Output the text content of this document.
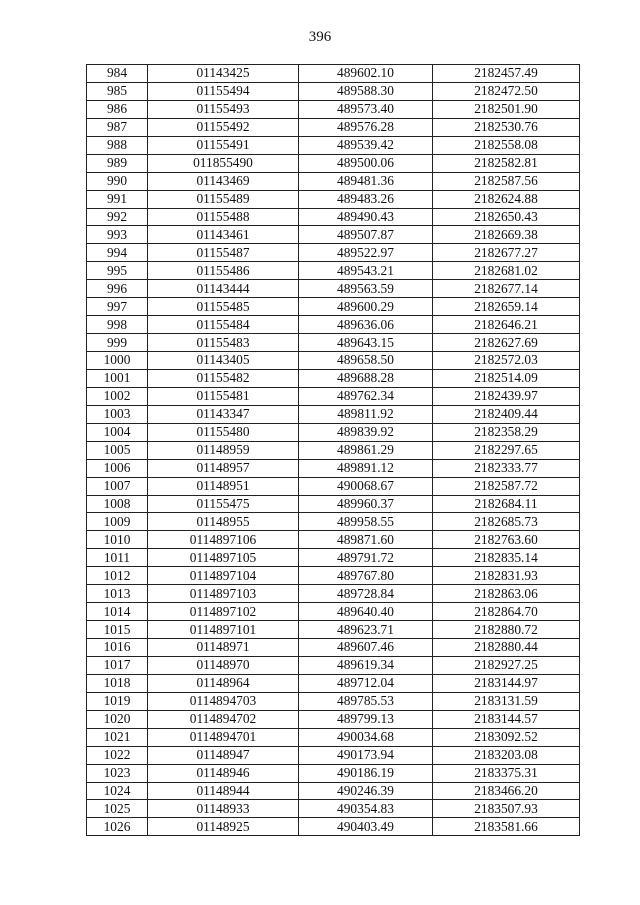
396
984	01143425	489602.10	2182457.49
985	01155494	489588.30	2182472.50
986	01155493	489573.40	2182501.90
987	01155492	489576.28	2182530.76
988	01155491	489539.42	2182558.08
989	011855490	489500.06	2182582.81
990	01143469	489481.36	2182587.56
991	01155489	489483.26	2182624.88
992	01155488	489490.43	2182650.43
993	01143461	489507.87	2182669.38
994	01155487	489522.97	2182677.27
995	01155486	489543.21	2182681.02
996	01143444	489563.59	2182677.14
997	01155485	489600.29	2182659.14
998	01155484	489636.06	2182646.21
999	01155483	489643.15	2182627.69
1000	01143405	489658.50	2182572.03
1001	01155482	489688.28	2182514.09
1002	01155481	489762.34	2182439.97
1003	01143347	489811.92	2182409.44
1004	01155480	489839.92	2182358.29
1005	01148959	489861.29	2182297.65
1006	01148957	489891.12	2182333.77
1007	01148951	490068.67	2182587.72
1008	01155475	489960.37	2182684.11
1009	01148955	489958.55	2182685.73
1010	0114897106	489871.60	2182763.60
1011	0114897105	489791.72	2182835.14
1012	0114897104	489767.80	2182831.93
1013	0114897103	489728.84	2182863.06
1014	0114897102	489640.40	2182864.70
1015	0114897101	489623.71	2182880.72
1016	01148971	489607.46	2182880.44
1017	01148970	489619.34	2182927.25
1018	01148964	489712.04	2183144.97
1019	0114894703	489785.53	2183131.59
1020	0114894702	489799.13	2183144.57
1021	0114894701	490034.68	2183092.52
1022	01148947	490173.94	2183203.08
1023	01148946	490186.19	2183375.31
1024	01148944	490246.39	2183466.20
1025	01148933	490354.83	2183507.93
1026	01148925	490403.49	2183581.66
